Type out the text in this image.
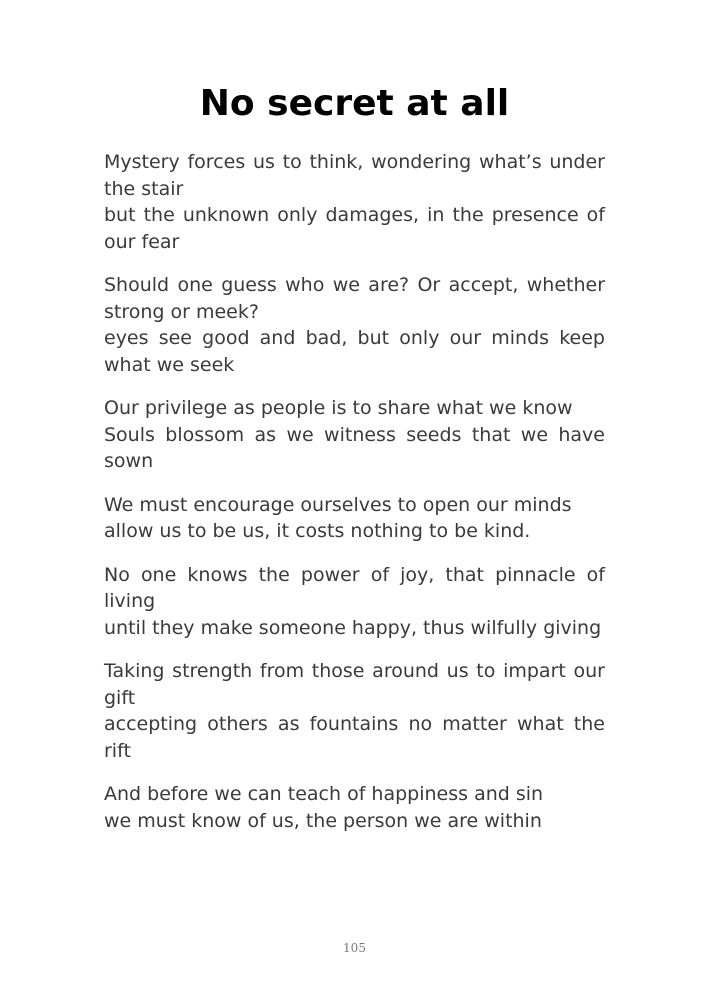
No secret at all

Mystery forces us to think, wondering what’s under the stair

but the unknown only damages, in the presence of our fear

Should one guess who we are? Or accept, whether strong or meek?

eyes see good and bad, but only our minds keep what we seek

Our privilege as people is to share what we know

Souls blossom as we witness seeds that we have sown

We must encourage ourselves to open our minds

allow us to be us, it costs nothing to be kind.

No one knows the power of joy, that pinnacle of living

until they make someone happy, thus wilfully giving

Taking strength from those around us to impart our gift

accepting others as fountains no matter what the rift

And before we can teach of happiness and sin

we must know of us, the person we are within

105
